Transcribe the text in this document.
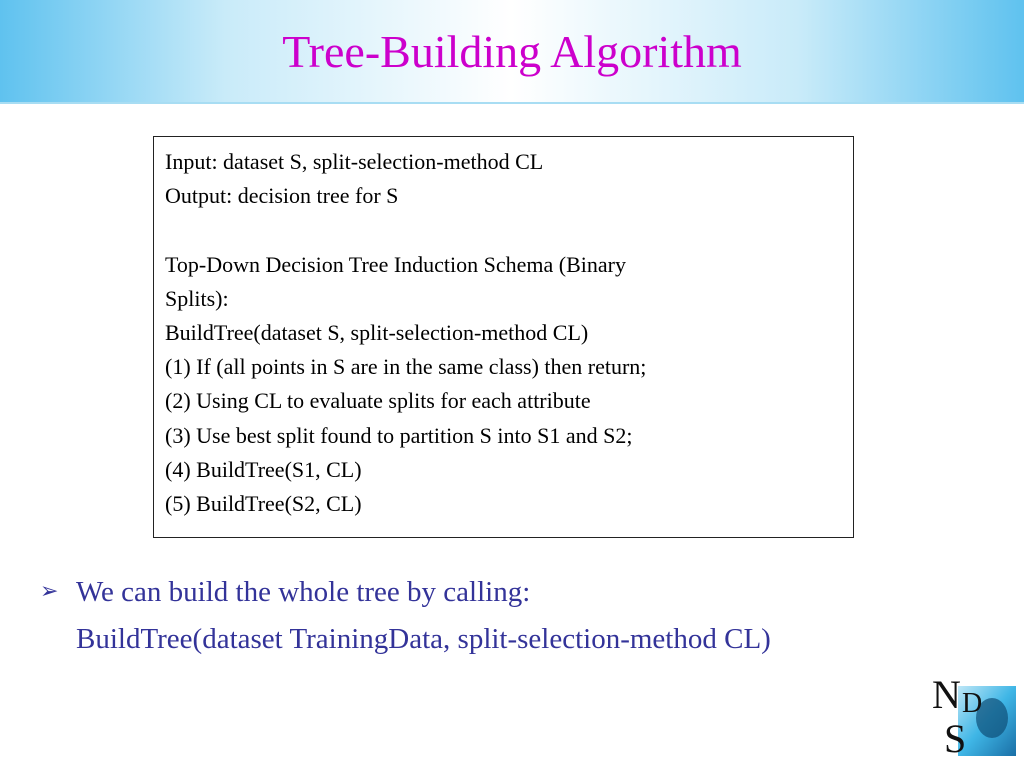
Tree-Building Algorithm
Input: dataset S, split-selection-method CL
Output: decision tree for S
Top-Down Decision Tree Induction Schema (Binary
Splits):
BuildTree(dataset S, split-selection-method CL)
(1) If (all points in S are in the same class) then return;
(2) Using CL to evaluate splits for each attribute
(3) Use best split found to partition S into S1 and S2;
(4) BuildTree(S1, CL)
(5) BuildTree(S2, CL)
➢ We can build the whole tree by calling:
BuildTree(dataset TrainingData, split-selection-method CL)
N D
S
